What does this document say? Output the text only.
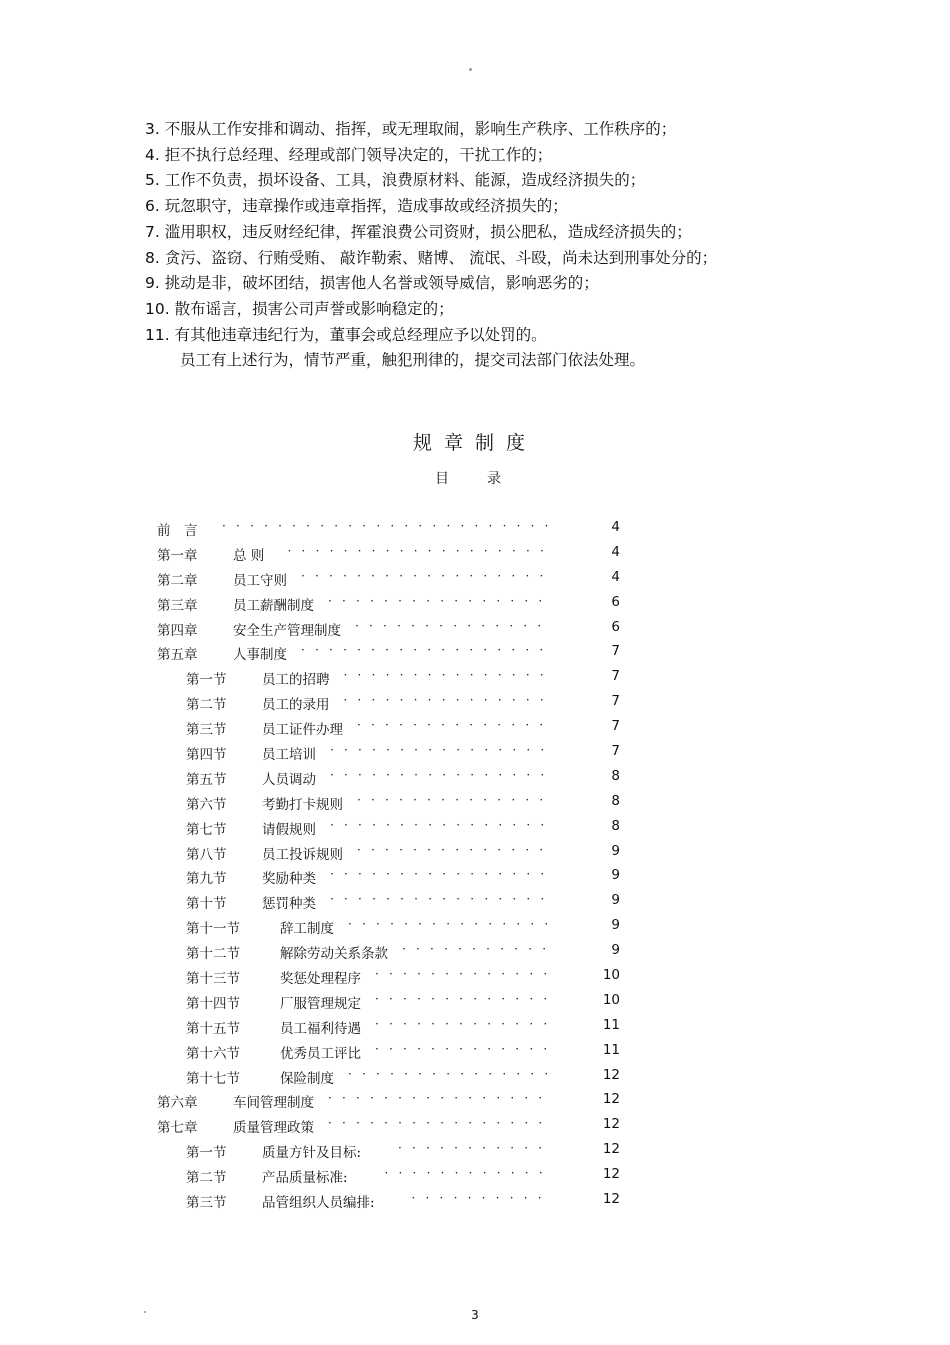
3. 不服从工作安排和调动、指挥，或无理取闹，影响生产秩序、工作秩序的；
4. 拒不执行总经理、经理或部门领导决定的，干扰工作的；
5. 工作不负责，损坏设备、工具，浪费原材料、能源，造成经济损失的；
6. 玩忽职守，违章操作或违章指挥，造成事故或经济损失的；
7. 滥用职权，违反财经纪律，挥霍浪费公司资财，损公肥私，造成经济损失的；
8. 贪污、盗窃、行贿受贿、 敲诈勒索、赌博、 流氓、斗殴，尚未达到刑事处分的；
9. 挑动是非，破坏团结，损害他人名誉或领导威信，影响恶劣的；
10. 散布谣言，损害公司声誉或影响稳定的；
11. 有其他违章违纪行为，董事会或总经理应予以处罚的。
员工有上述行为，情节严重，触犯刑律的，提交司法部门依法处理。
规章制度
目录
前　言 · · · · · · · · · · · · · · · · · · · · · · · ·	4
第一章	总 则 · · · · · · · · · · · · · · · · · · ·	4
第二章	员工守则 · · · · · · · · · · · · · · · · · ·	4
第三章	员工薪酬制度 · · · · · · · · · · · · · · · ·	6
第四章	安全生产管理制度 · · · · · · · · · · · · · ·	6
第五章	人事制度 · · · · · · · · · · · · · · · · · ·	7
第一节	员工的招聘 · · · · · · · · · · · · · · ·	7
第二节	员工的录用 · · · · · · · · · · · · · · ·	7
第三节	员工证件办理 · · · · · · · · · · · · · ·	7
第四节	员工培训 · · · · · · · · · · · · · · · ·	7
第五节	人员调动 · · · · · · · · · · · · · · · ·	8
第六节	考勤打卡规则 · · · · · · · · · · · · · ·	8
第七节	请假规则 · · · · · · · · · · · · · · · ·	8
第八节	员工投诉规则 · · · · · · · · · · · · · ·	9
第九节	奖励种类 · · · · · · · · · · · · · · · ·	9
第十节	惩罚种类 · · · · · · · · · · · · · · · ·	9
第十一节	辞工制度 · · · · · · · · · · · · · · ·	9
第十二节	解除劳动关系条款 · · · · · · · · · · ·	9
第十三节	奖惩处理程序 · · · · · · · · · · · · ·	10
第十四节	厂服管理规定 · · · · · · · · · · · · ·	10
第十五节	员工福利待遇 · · · · · · · · · · · · ·	11
第十六节	优秀员工评比 · · · · · · · · · · · · ·	11
第十七节	保险制度 · · · · · · · · · · · · · · ·	12
第六章	车间管理制度 · · · · · · · · · · · · · · · ·	12
第七章	质量管理政策 · · · · · · · · · · · · · · · ·	12
第一节	质量方针及目标:	· · · · · · · · · · ·	12
第二节	产品质量标准:	· · · · · · · · · · · ·	12
第三节	品管组织人员编排:	· · · · · · · · · ·	12
3
